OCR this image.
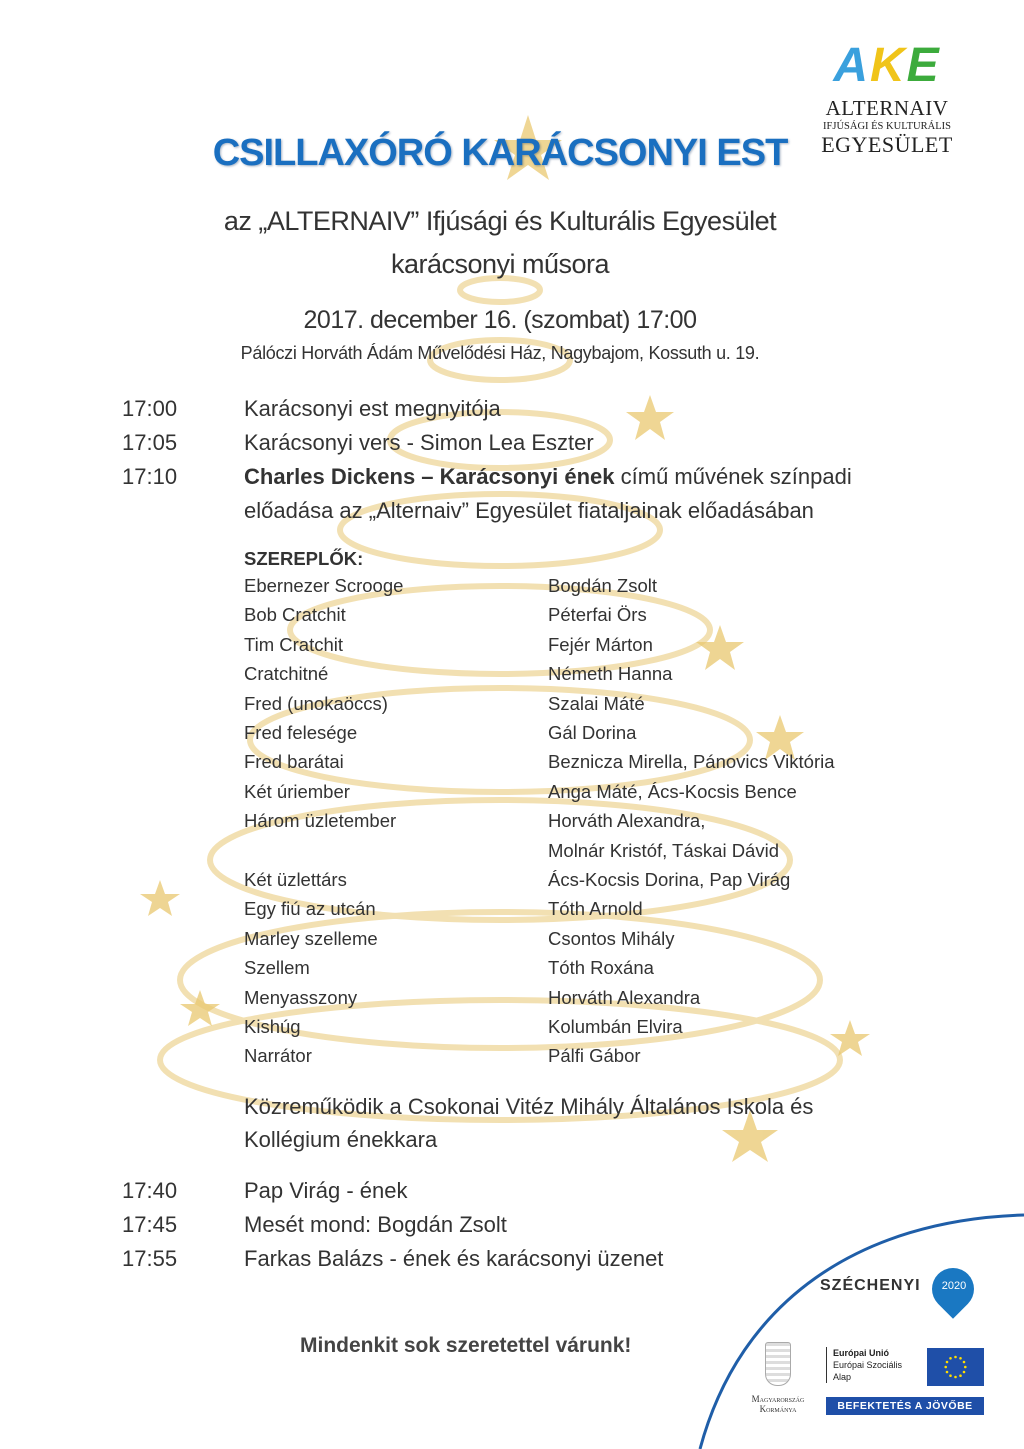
AKE
ALTERNAIV
IFJÚSÁGI ÉS KULTURÁLIS
EGYESÜLET
CSILLAXÓRÓ KARÁCSONYI EST
az „ALTERNAIV” Ifjúsági és Kulturális Egyesület
karácsonyi műsora
2017. december 16. (szombat) 17:00
Pálóczi Horváth Ádám Művelődési Ház, Nagybajom, Kossuth u. 19.
17:00	Karácsonyi est megnyitója
17:05	Karácsonyi vers - Simon Lea Eszter
17:10	Charles Dickens – Karácsonyi ének című művének színpadi
előadása az „Alternaiv” Egyesület fiataljainak előadásában
SZEREPLŐK:
Ebernezer Scrooge	Bogdán Zsolt
Bob Cratchit	Péterfai Örs
Tim Cratchit	Fejér Márton
Cratchitné	Németh Hanna
Fred (unokaöccs)	Szalai Máté
Fred felesége	Gál Dorina
Fred barátai	Beznicza Mirella, Pánovics Viktória
Két úriember	Anga Máté, Ács-Kocsis Bence
Három üzletember	Horváth Alexandra,
Molnár Kristóf, Táskai Dávid
Két üzlettárs	Ács-Kocsis Dorina, Pap Virág
Egy fiú az utcán	Tóth Arnold
Marley szelleme	Csontos Mihály
Szellem	Tóth Roxána
Menyasszony	Horváth Alexandra
Kishúg	Kolumbán Elvira
Narrátor	Pálfi Gábor
Közreműködik a Csokonai Vitéz Mihály Általános Iskola és
Kollégium énekkara
17:40	Pap Virág - ének
17:45	Mesét mond: Bogdán Zsolt
17:55	Farkas Balázs - ének és karácsonyi üzenet
Mindenkit sok szeretettel várunk!
SZÉCHENYI	2020
Magyarország
Kormánya
Európai Unió
Európai Szociális
Alap
BEFEKTETÉS A JÖVŐBE
